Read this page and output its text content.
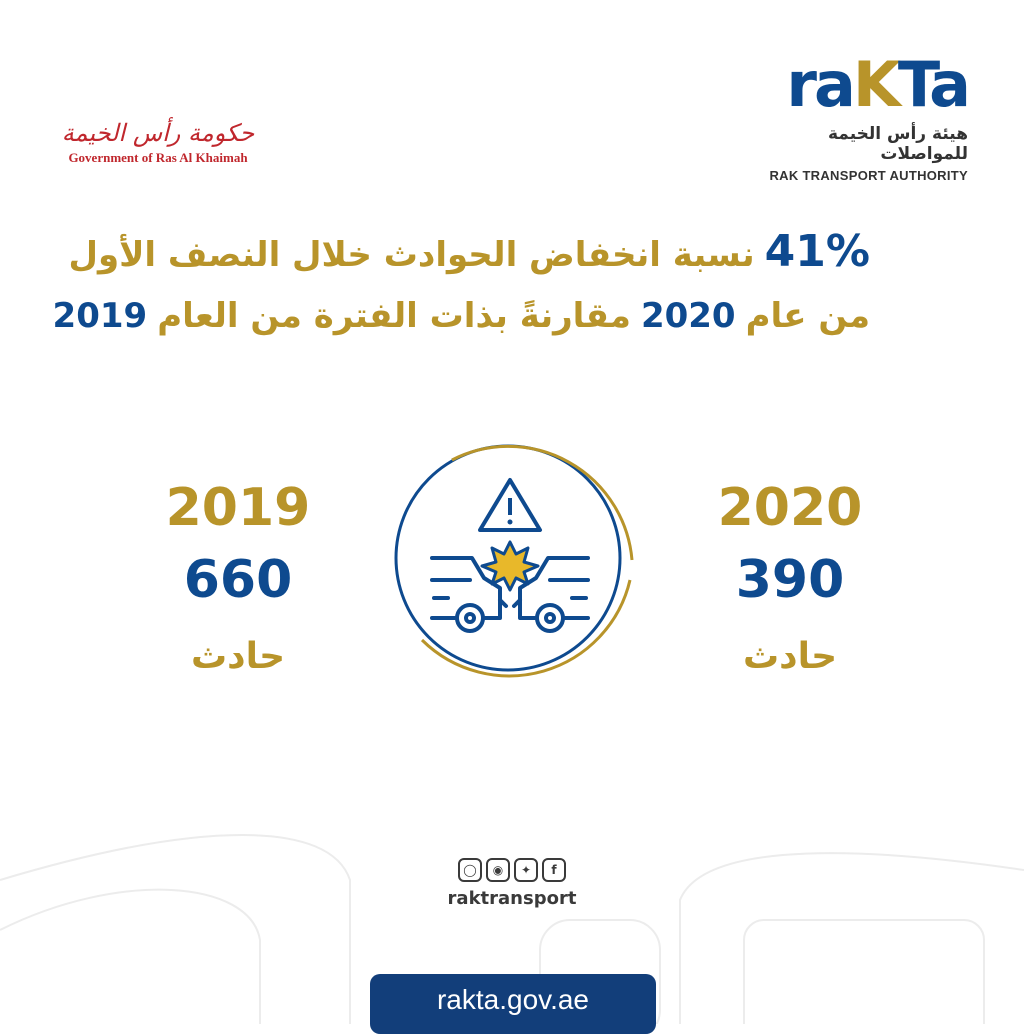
حكومة رأس الخيمة
Government of Ras Al Khaimah
raKTa
هيئة رأس الخيمة للمواصلات
RAK TRANSPORT AUTHORITY
41%نسبة انخفاض الحوادث خلال النصف الأول
من عام2020مقارنةً بذات الفترة من العام2019
2019
660
حادث
2020
390
حادث
◯	◉	✦	f
raktransport
rakta.gov.ae
